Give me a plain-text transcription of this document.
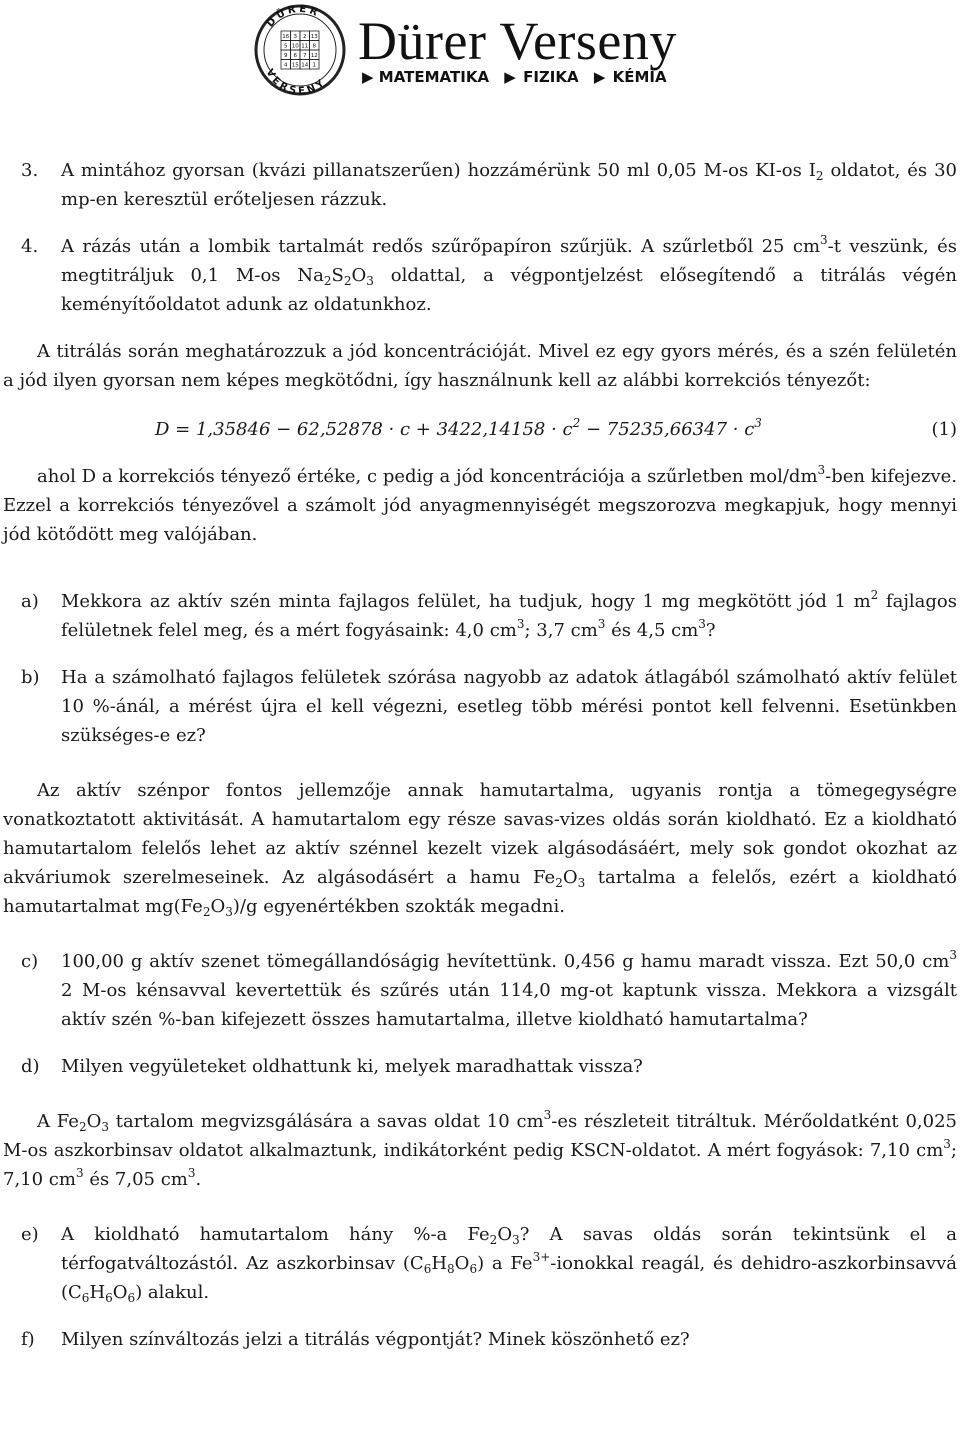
DÜRER
VERSENY
16 3 2 13
5 10 11 8
9 6 7 12
4 15 14 1 Dürer Verseny
▶ MATEMATIKA ▶ FIZIKA ▶ KÉMIA
3. A mintához gyorsan (kvázi pillanatszerűen) hozzámérünk 50 ml 0,05 M-os KI-os $I_2$ oldatot, és 30 mp-en keresztül erőteljesen rázzuk.

4. A rázás után a lombik tartalmát redős szűrőpapíron szűrjük. A szűrletből 25 $cm^3-t$ veszünk, és megtitráljuk 0,1 M-os $Na_2S_2O_3$ oldattal, a végpontjelzést elősegítendő a titrálás végén keményítőoldatot adunk az oldatunkhoz.

A titrálás során meghatározzuk a jód koncentrációját. Mivel ez egy gyors mérés, és a szén felületén a jód ilyen gyorsan nem képes megkötődni, így használnunk kell az alábbi korrekciós tényezőt:

$D = 1,35846 - 62,52878 \cdot c + 3422,14158 \cdot c^2 - 75235,66347 \cdot c^3$	(1)

ahol D a korrekciós tényező értéke, c pedig a jód koncentrációja a szűrletben mol/$dm^3$-ben kifejezve. Ezzel a korrekciós tényezővel a számolt jód anyagmennyiségét megszorozva megkapjuk, hogy mennyi jód kötődött meg valójában.

a) Mekkora az aktív szén minta fajlagos felület, ha tudjuk, hogy 1 mg megkötött jód 1 $m^2$ fajlagos felületnek felel meg, és a mért fogyásaink: 4,0 $cm^3$; 3,7 $cm^3$ és 4,5 $cm^3$?

b) Ha a számolható fajlagos felületek szórása nagyobb az adatok átlagából számolható aktív felület 10 %-ánál, a mérést újra el kell végezni, esetleg több mérési pontot kell felvenni. Esetünkben szükséges-e ez?

Az aktív szénpor fontos jellemzője annak hamutartalma, ugyanis rontja a tömegegységre vonatkoztatott aktivitását. A hamutartalom egy része savas-vizes oldás során kioldható. Ez a kioldható hamutartalom felelős lehet az aktív szénnel kezelt vizek algásodásáért, mely sok gondot okozhat az akváriumok szerelmeseinek. Az algásodásért a hamu $Fe_2O_3$ tartalma a felelős, ezért a kioldható hamutartalmat $mg(Fe_2O_3)/g$ egyenértékben szokták megadni.

c) 100,00 g aktív szenet tömegállandóságig hevítettünk. 0,456 g hamu maradt vissza. Ezt 50,0 $cm^3$ 2 M-os kénsavval kevertettük és szűrés után 114,0 mg-ot kaptunk vissza. Mekkora a vizsgált aktív szén %-ban kifejezett összes hamutartalma, illetve kioldható hamutartalma?

d) Milyen vegyületeket oldhattunk ki, melyek maradhattak vissza?

A $Fe_2O_3$ tartalom megvizsgálására a savas oldat 10 $cm^3-es$ részleteit titráltuk. Mérőoldatként 0,025 M-os aszkorbinsav oldatot alkalmaztunk, indikátorként pedig KSCN-oldatot. A mért fogyások: 7,10 $cm^3$; 7,10 $cm^3$ és 7,05 $cm^3$.

e) A kioldható hamutartalom hány %-a $Fe_2O_3$? A savas oldás során tekintsünk el a térfogatváltozástól. Az aszkorbinsav $(C_6H_8O_6)$ a $Fe^{3+}$-ionokkal reagál, és dehidro-aszkorbinsavvá $(C_6H_6O_6)$ alakul.

f) Milyen színváltozás jelzi a titrálás végpontját? Minek köszönhető ez?
